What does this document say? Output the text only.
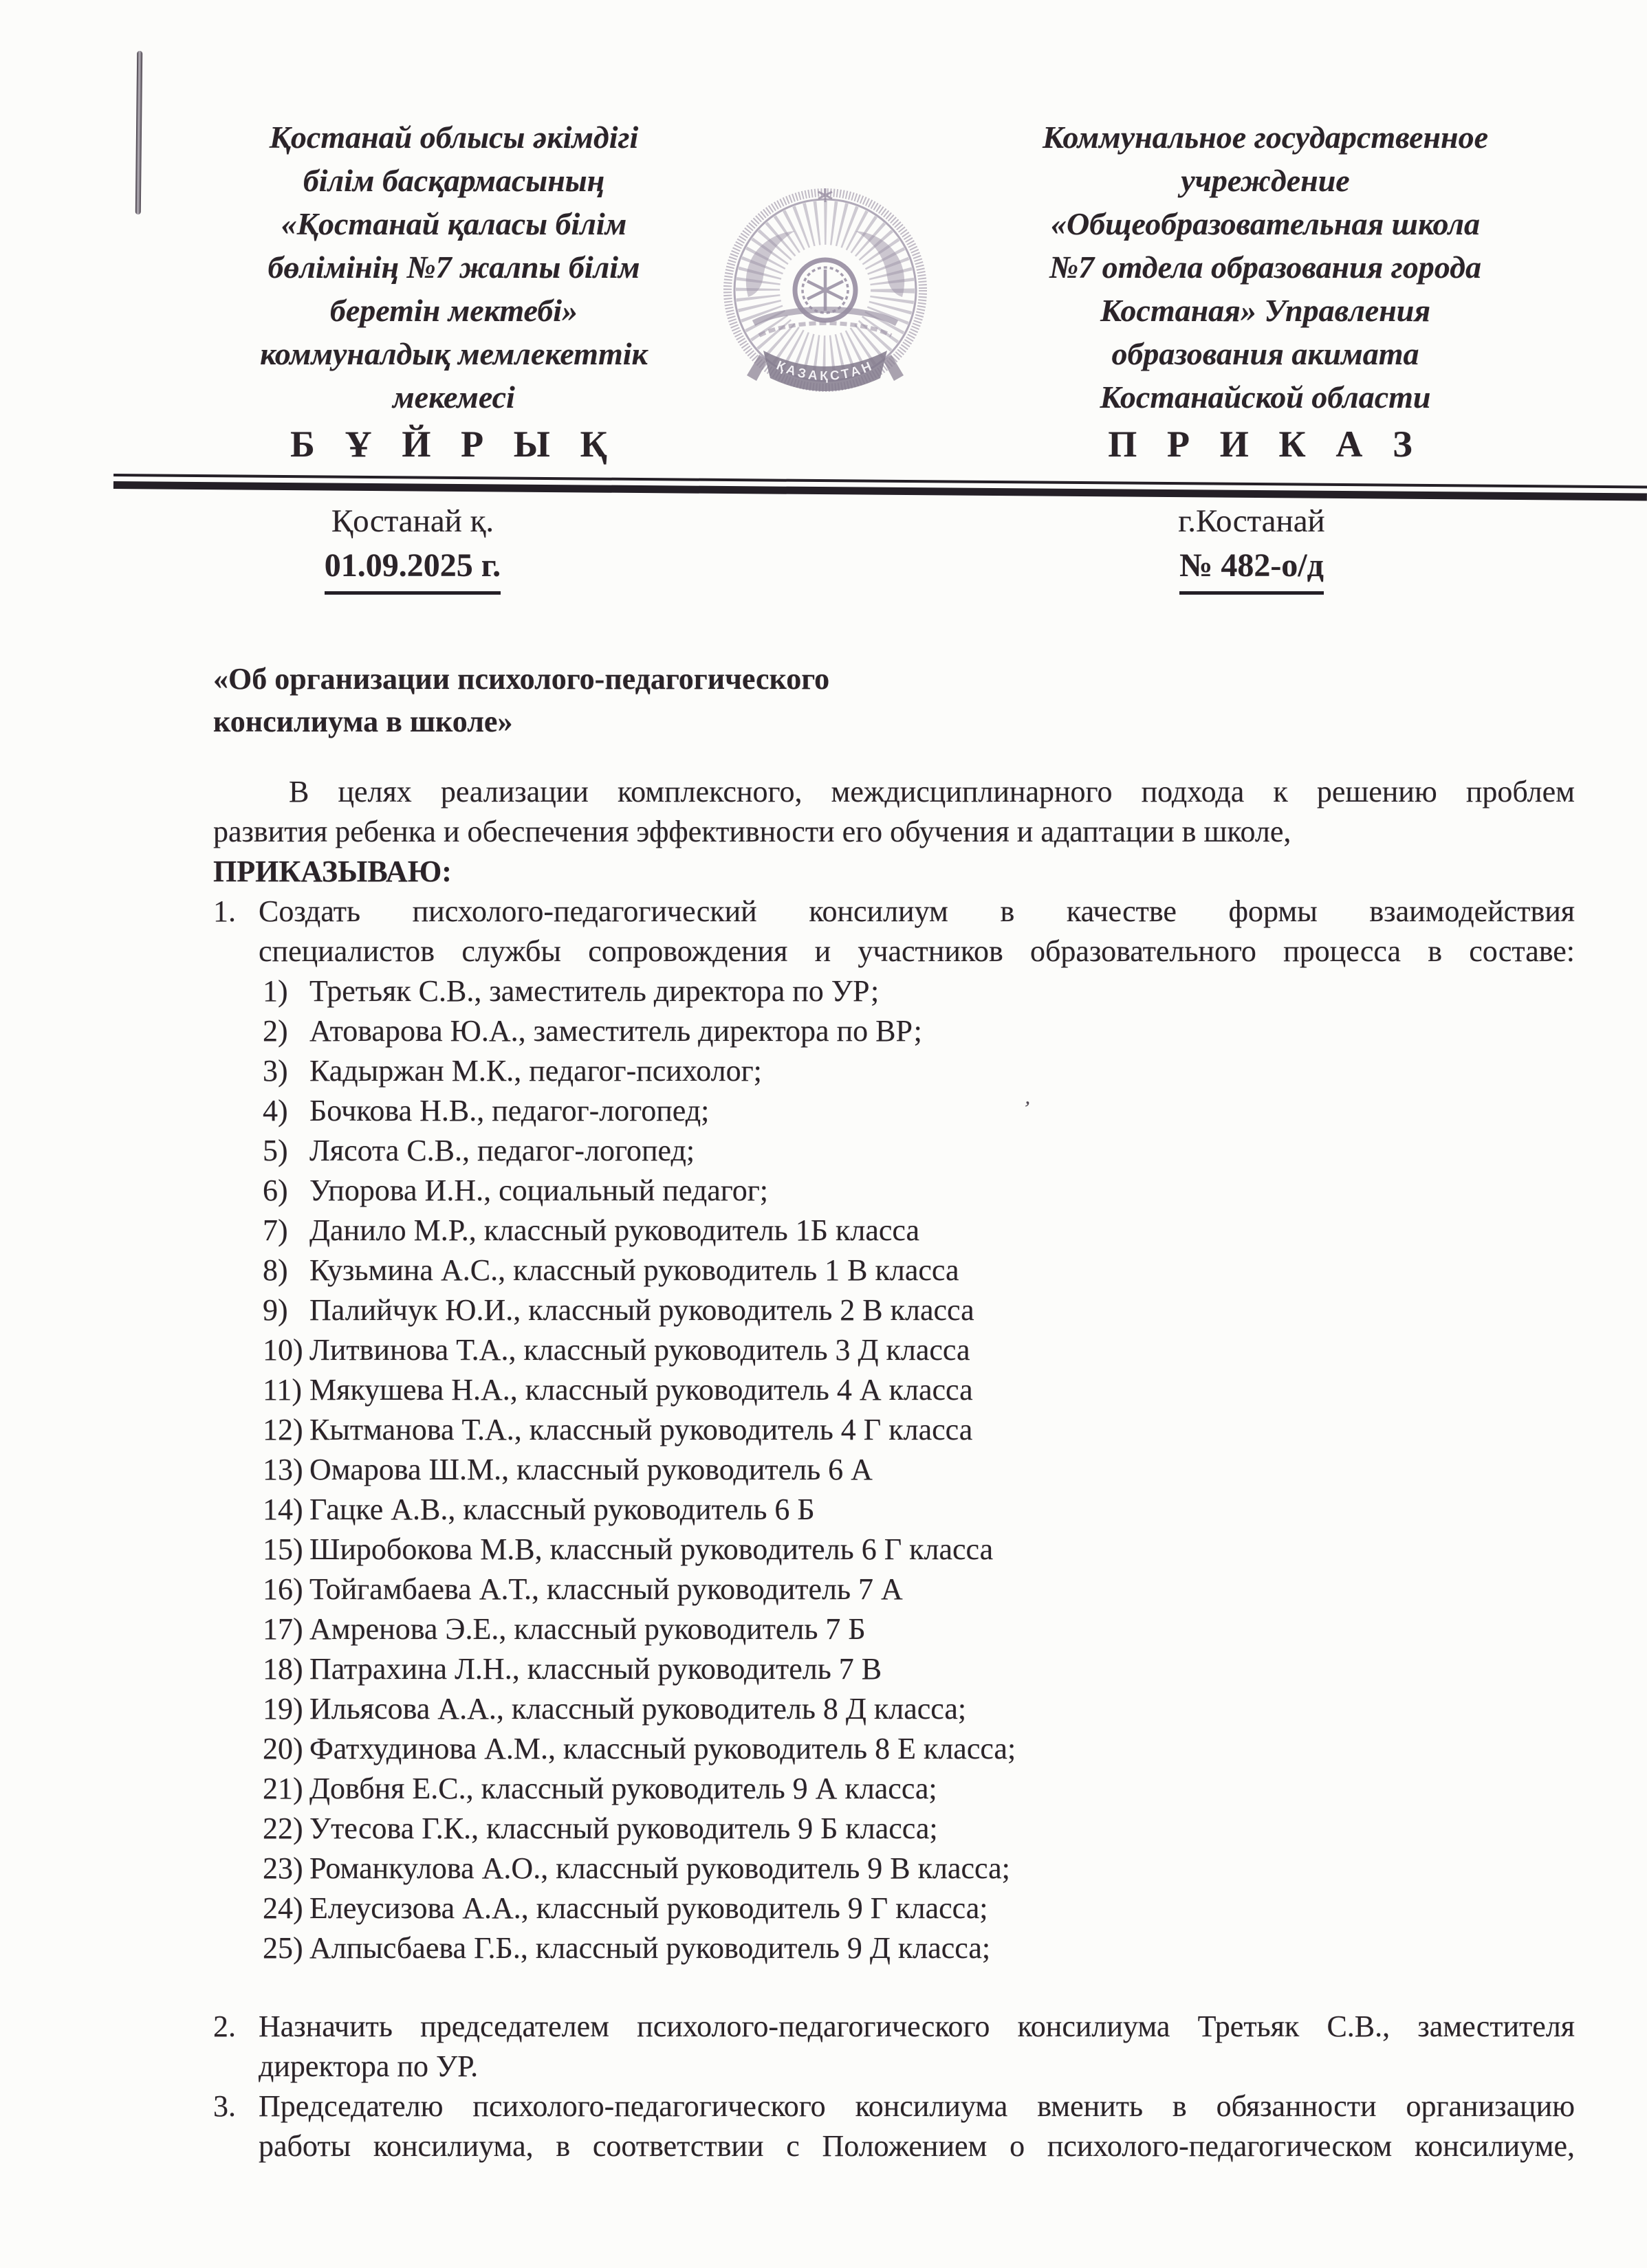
’
Қостанай облысы әкімдігі
білім басқармасының
«Қостанай қаласы білім
бөлімінің №7 жалпы білім
беретін мектебі»
коммуналдық мемлекеттік
мекемесі
Б Ұ Й Р Ы Қ
ҚАЗАҚСТАН
Коммунальное государственное
учреждение
«Общеобразовательная школа
№7 отдела образования города
Костаная» Управления
образования акимата
Костанайской области
П Р И К А З
Қостанай қ.
01.09.2025 г.
г.Костанай
№ 482-о/д
«Об организации психолого-педагогического
консилиума в школе»
В целях реализации комплексного, междисциплинарного подхода к решению проблем
развития ребенка и обеспечения эффективности его обучения и адаптации в школе,
ПРИКАЗЫВАЮ:
1. Создать писхолого-педагогический консилиум в качестве формы взаимодействия
специалистов службы сопровождения и участников образовательного процесса в составе:
1) Третьяк С.В., заместитель директора по УР;
2) Атоварова Ю.А., заместитель директора по ВР;
3) Кадыржан М.К., педагог-психолог;
4) Бочкова Н.В., педагог-логопед;
5) Лясота С.В., педагог-логопед;
6) Упорова И.Н., социальный педагог;
7) Данило М.Р., классный руководитель 1Б класса
8) Кузьмина А.С., классный руководитель 1 В класса
9) Палийчук Ю.И., классный руководитель 2 В класса
10) Литвинова Т.А., классный руководитель 3 Д класса
11) Мякушева Н.А., классный руководитель 4 А класса
12) Кытманова Т.А., классный руководитель 4 Г класса
13) Омарова Ш.М., классный руководитель 6 А
14) Гацке А.В., классный руководитель 6 Б
15) Широбокова М.В, классный руководитель 6 Г класса
16) Тойгамбаева А.Т., классный руководитель 7 А
17) Амренова Э.Е., классный руководитель 7 Б
18) Патрахина Л.Н., классный руководитель 7 В
19) Ильясова А.А., классный руководитель 8 Д класса;
20) Фатхудинова А.М., классный руководитель 8 Е класса;
21) Довбня Е.С., классный руководитель 9 А класса;
22) Утесова Г.К., классный руководитель 9 Б класса;
23) Романкулова А.О., классный руководитель 9 В класса;
24) Елеусизова А.А., классный руководитель 9 Г класса;
25) Алпысбаева Г.Б., классный руководитель 9 Д класса;
2. Назначить председателем психолого-педагогического консилиума Третьяк С.В., заместителя
директора по УР.
3. Председателю психолого-педагогического консилиума вменить в обязанности организацию
работы консилиума, в соответствии с Положением о психолого-педагогическом консилиуме,
